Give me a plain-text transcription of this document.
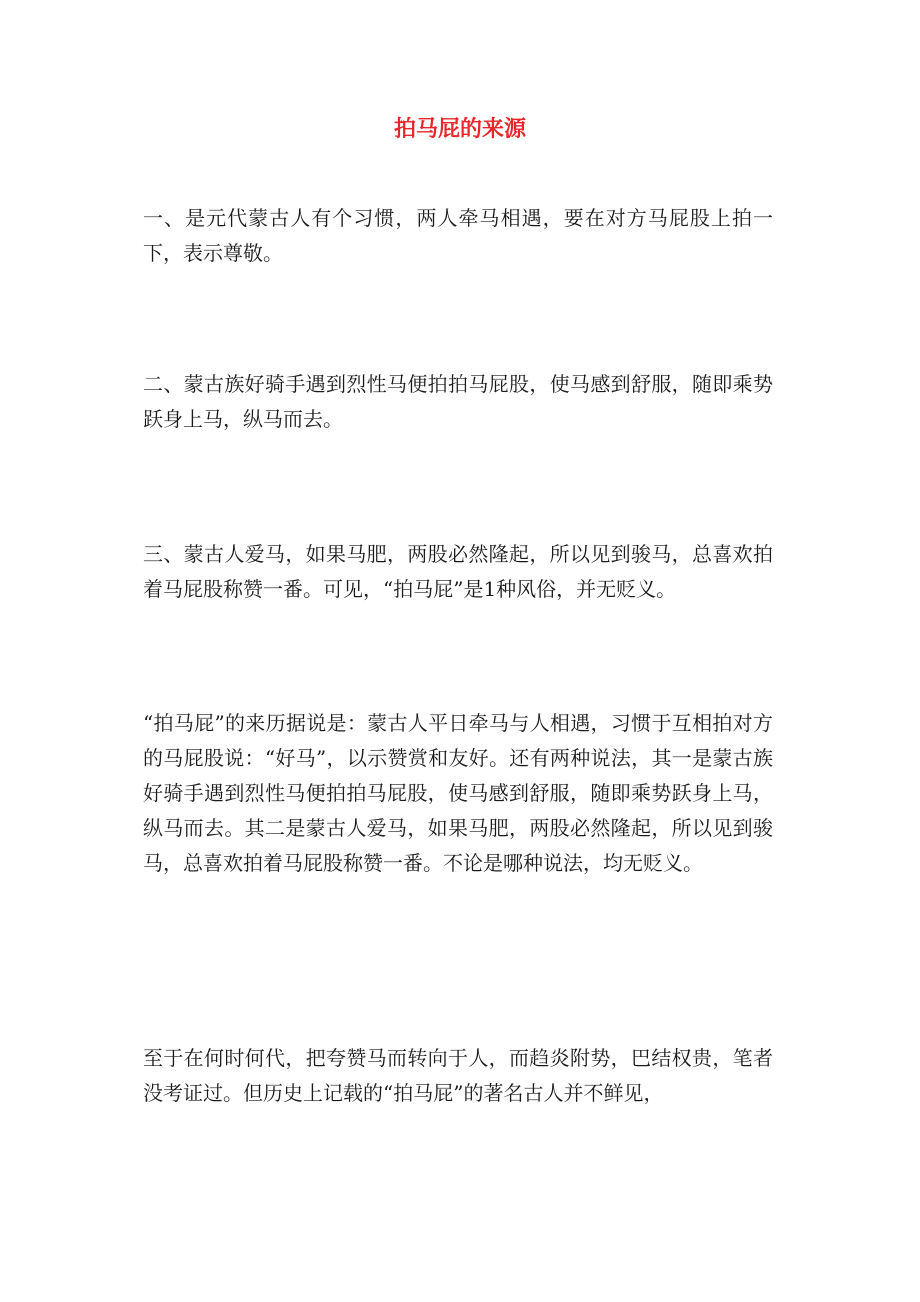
拍马屁的来源

一、是元代蒙古人有个习惯，两人牵马相遇，要在对方马屁股上拍一下，表示尊敬。

二、蒙古族好骑手遇到烈性马便拍拍马屁股，使马感到舒服，随即乘势跃身上马，纵马而去。

三、蒙古人爱马，如果马肥，两股必然隆起，所以见到骏马，总喜欢拍着马屁股称赞一番。可见，“拍马屁”是1种风俗，并无贬义。

“拍马屁”的来历据说是：蒙古人平日牵马与人相遇，习惯于互相拍对方的马屁股说：“好马”，以示赞赏和友好。还有两种说法，其一是蒙古族好骑手遇到烈性马便拍拍马屁股，使马感到舒服，随即乘势跃身上马，纵马而去。其二是蒙古人爱马，如果马肥，两股必然隆起，所以见到骏马，总喜欢拍着马屁股称赞一番。不论是哪种说法，均无贬义。

至于在何时何代，把夸赞马而转向于人，而趋炎附势，巴结权贵，笔者没考证过。但历史上记载的“拍马屁”的著名古人并不鲜见，
